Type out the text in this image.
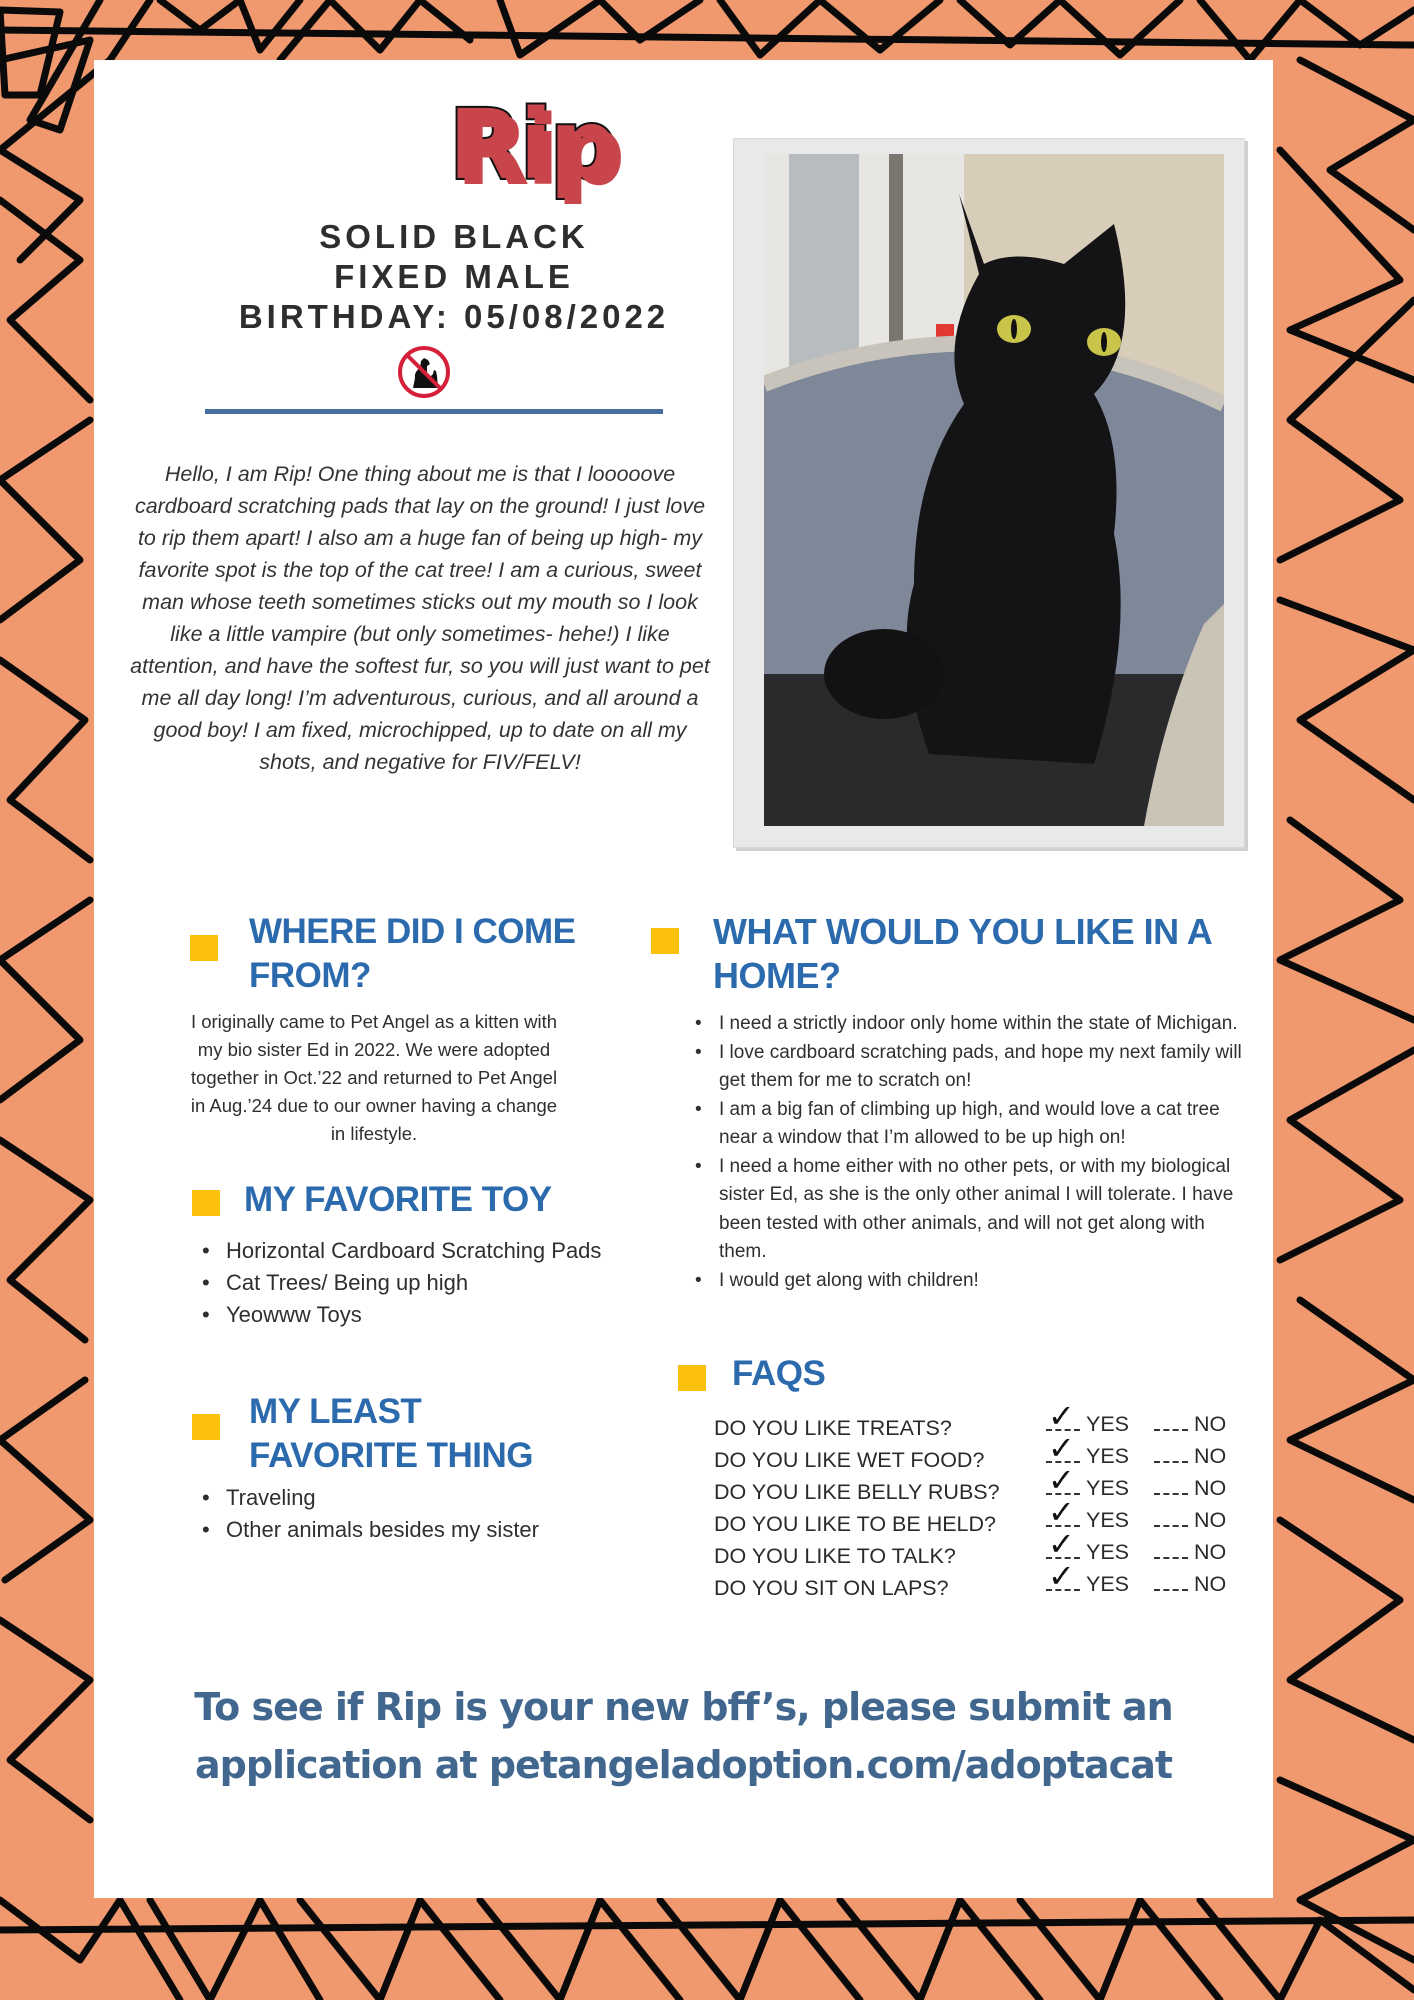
Rip
SOLID BLACK
FIXED MALE
BIRTHDAY: 05/08/2022

Hello, I am Rip! One thing about me is that I looooove cardboard scratching pads that lay on the ground! I just love to rip them apart! I also am a huge fan of being up high- my favorite spot is the top of the cat tree! I am a curious, sweet man whose teeth sometimes sticks out my mouth so I look like a little vampire (but only sometimes- hehe!) I like attention, and have the softest fur, so you will just want to pet me all day long! I’m adventurous, curious, and all around a good boy! I am fixed, microchipped, up to date on all my shots, and negative for FIV/FELV!

WHERE DID I COME
FROM?

I originally came to Pet Angel as a kitten with my bio sister Ed in 2022. We were adopted together in Oct.’22 and returned to Pet Angel in Aug.’24 due to our owner having a change in lifestyle.

MY FAVORITE TOY
• Horizontal Cardboard Scratching Pads
• Cat Trees/ Being up high
• Yeowww Toys
MY LEAST
FAVORITE THING
• Traveling
• Other animals besides my sister
WHAT WOULD YOU LIKE IN A
HOME?
• I need a strictly indoor only home within the state of Michigan.
• I love cardboard scratching pads, and hope my next family will get them for me to scratch on!
• I am a big fan of climbing up high, and would love a cat tree near a window that I’m allowed to be up high on!
• I need a home either with no other pets, or with my biological sister Ed, as she is the only other animal I will tolerate. I have been tested with other animals, and will not get along with them.
• I would get along with children!
FAQS
DO YOU LIKE TREATS?	✓ YES	NO
DO YOU LIKE WET FOOD? ✓ YES	NO
DO YOU LIKE BELLY RUBS? ✓ YES	NO
DO YOU LIKE TO BE HELD? ✓ YES	NO
DO YOU LIKE TO TALK?	✓ YES	NO
DO YOU SIT ON LAPS?	✓ YES	NO
To see if Rip is your new bff’s, please submit an
application at petangeladoption.com/adoptacat
